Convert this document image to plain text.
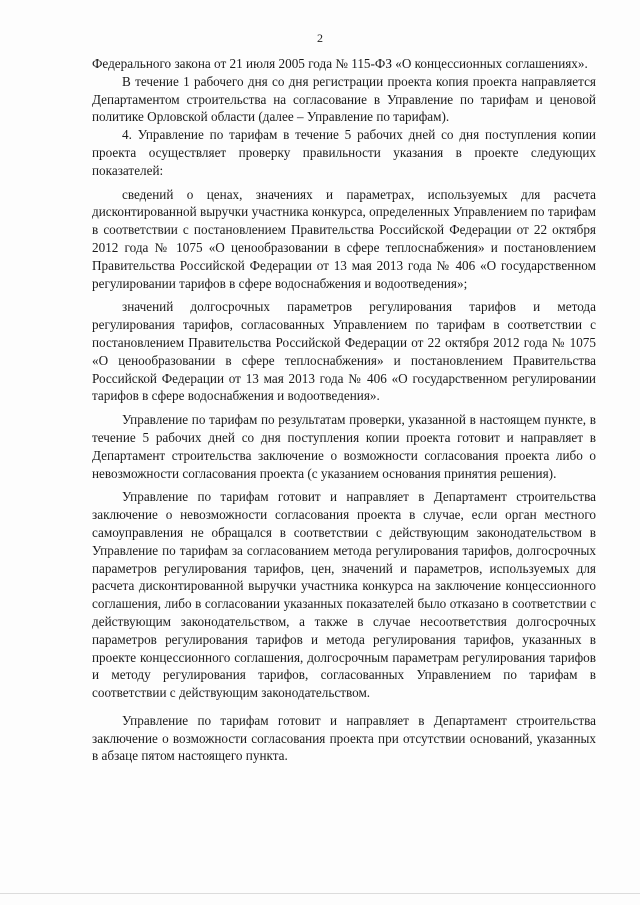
2

Федерального закона от 21 июля 2005 года № 115-ФЗ «О концессионных соглашениях».

В течение 1 рабочего дня со дня регистрации проекта копия проекта направляется Департаментом строительства на согласование в Управление по тарифам и ценовой политике Орловской области (далее – Управление по тарифам).

4. Управление по тарифам в течение 5 рабочих дней со дня поступления копии проекта осуществляет проверку правильности указания в проекте следующих показателей:

сведений о ценах, значениях и параметрах, используемых для расчета дисконтированной выручки участника конкурса, определенных Управлением по тарифам в соответствии с постановлением Правительства Российской Федерации от 22 октября 2012 года № 1075 «О ценообразовании в сфере теплоснабжения» и постановлением Правительства Российской Федерации от 13 мая 2013 года № 406 «О государственном регулировании тарифов в сфере водоснабжения и водоотведения»;

значений долгосрочных параметров регулирования тарифов и метода регулирования тарифов, согласованных Управлением по тарифам в соответствии с постановлением Правительства Российской Федерации от 22 октября 2012 года № 1075 «О ценообразовании в сфере теплоснабжения» и постановлением Правительства Российской Федерации от 13 мая 2013 года № 406 «О государственном регулировании тарифов в сфере водоснабжения и водоотведения».

Управление по тарифам по результатам проверки, указанной в настоящем пункте, в течение 5 рабочих дней со дня поступления копии проекта готовит и направляет в Департамент строительства заключение о возможности согласования проекта либо о невозможности согласования проекта (с указанием основания принятия решения).

Управление по тарифам готовит и направляет в Департамент строительства заключение о невозможности согласования проекта в случае, если орган местного самоуправления не обращался в соответствии с действующим законодательством в Управление по тарифам за согласованием метода регулирования тарифов, долгосрочных параметров регулирования тарифов, цен, значений и параметров, используемых для расчета дисконтированной выручки участника конкурса на заключение концессионного соглашения, либо в согласовании указанных показателей было отказано в соответствии с действующим законодательством, а также в случае несоответствия долгосрочных параметров регулирования тарифов и метода регулирования тарифов, указанных в проекте концессионного соглашения, долгосрочным параметрам регулирования тарифов и методу регулирования тарифов, согласованных Управлением по тарифам в соответствии с действующим законодательством.

Управление по тарифам готовит и направляет в Департамент строительства заключение о возможности согласования проекта при отсутствии оснований, указанных в абзаце пятом настоящего пункта.
